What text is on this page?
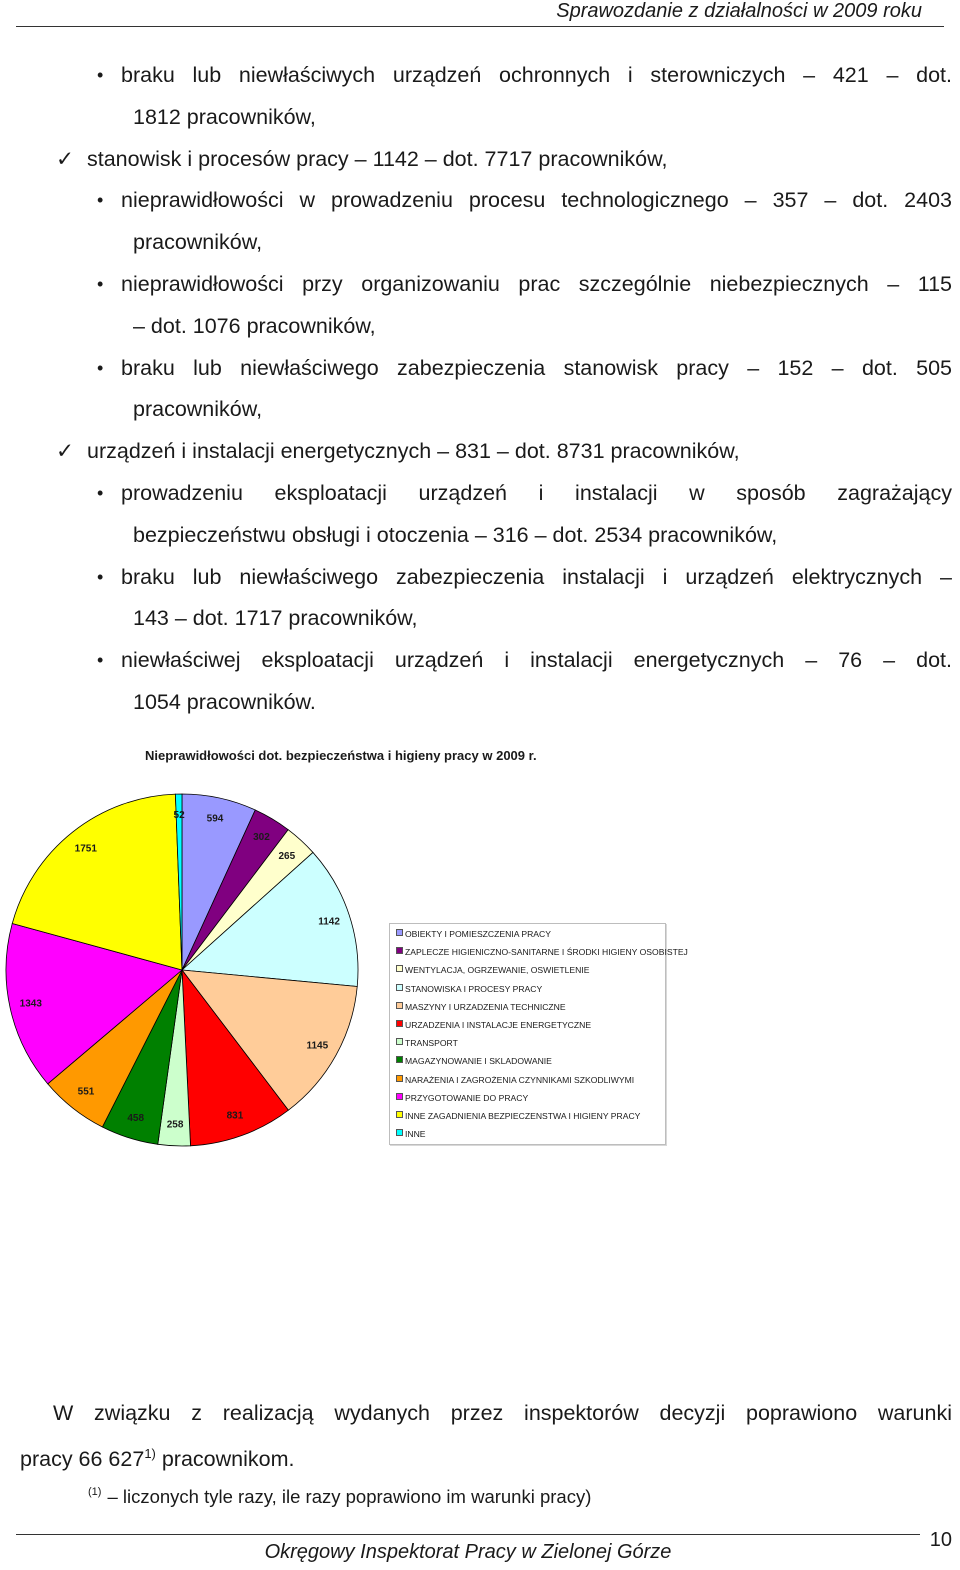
Sprawozdanie z działalności w 2009 roku
• braku lub niewłaściwych urządzeń ochronnych i sterowniczych – 421 – dot.
1812 pracowników,
✓ stanowisk i procesów pracy – 1142 – dot. 7717 pracowników,
• nieprawidłowości w prowadzeniu procesu technologicznego – 357 – dot. 2403
pracowników,
• nieprawidłowości przy organizowaniu prac szczególnie niebezpiecznych – 115
– dot. 1076 pracowników,
• braku lub niewłaściwego zabezpieczenia stanowisk pracy – 152 – dot. 505
pracowników,
✓ urządzeń i instalacji energetycznych – 831 – dot. 8731 pracowników,
• prowadzeniu eksploatacji urządzeń i instalacji w sposób zagrażający
bezpieczeństwu obsługi i otoczenia – 316 – dot. 2534 pracowników,
• braku lub niewłaściwego zabezpieczenia instalacji i urządzeń elektrycznych –
143 – dot. 1717 pracowników,
• niewłaściwej eksploatacji urządzeń i instalacji energetycznych – 76 – dot.
1054 pracowników.
Nieprawidłowości dot. bezpieczeństwa i higieny pracy w 2009 r.
594
302
265
1142
1145
831
258
458
551
1343
1751
52
OBIEKTY I POMIESZCZENIA PRACY
ZAPLECZE HIGIENICZNO-SANITARNE I ŚRODKI HIGIENY OSOBISTEJ
WENTYLACJA, OGRZEWANIE, OSWIETLENIE
STANOWISKA I PROCESY PRACY
MASZYNY I URZADZENIA TECHNICZNE
URZADZENIA I INSTALACJE ENERGETYCZNE
TRANSPORT
MAGAZYNOWANIE I SKLADOWANIE
NARAŻENIA I ZAGROŻENIA CZYNNIKAMI SZKODLIWYMI
PRZYGOTOWANIE DO PRACY
INNE ZAGADNIENIA BEZPIECZENSTWA I HIGIENY PRACY
INNE
W związku z realizacją wydanych przez inspektorów decyzji poprawiono warunki
pracy 66 627$^{1)}$ pracownikom.
$^{(1)}$ – liczonych tyle razy, ile razy poprawiono im warunki pracy)
Okręgowy Inspektorat Pracy w Zielonej Górze
10
